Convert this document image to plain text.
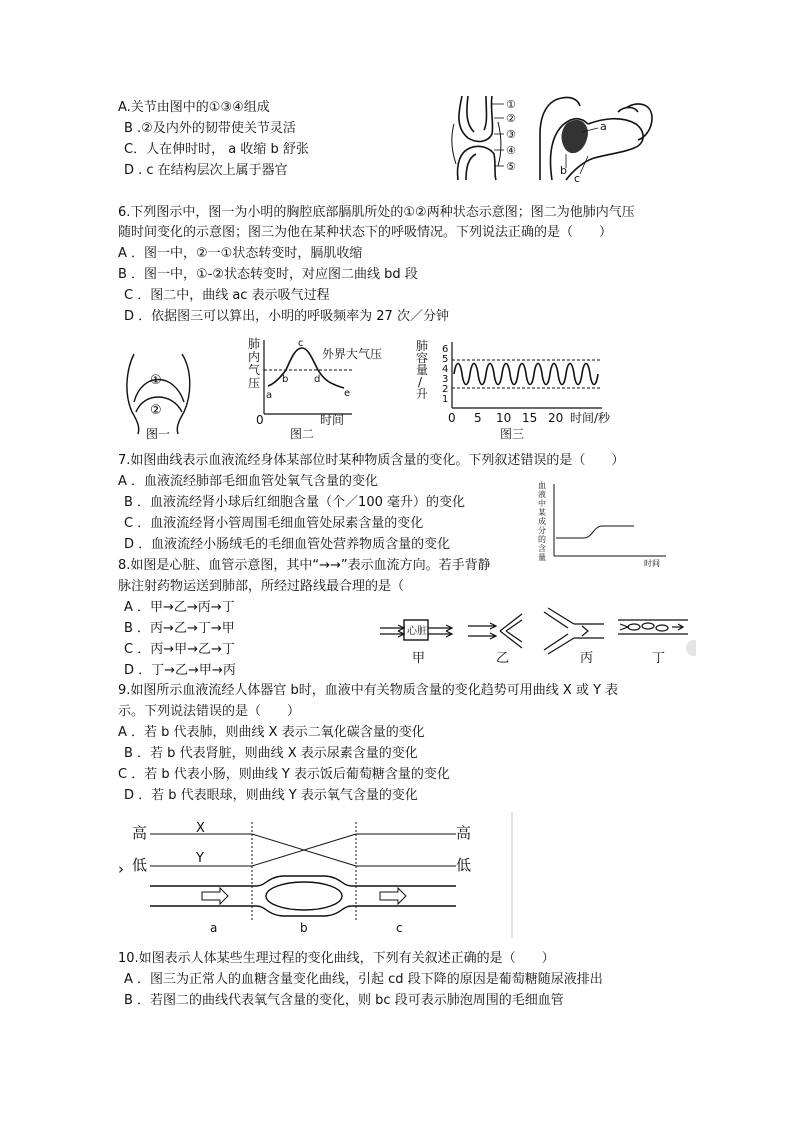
A.关节由图中的①③④组成
B .②及内外的韧带使关节灵活
C．人在伸时时， a 收缩 b 舒张
D . c 在结构层次上属于器官
①
②
③
④
⑤
a
b
c
6.下列图示中，图一为小明的胸腔底部膈肌所处的①②两种状态示意图；图二为他肺内气压
随时间变化的示意图；图三为他在某种状态下的呼吸情况。下列说法正确的是（　　）
A ．图一中，②一①状态转变时，膈肌收缩
B ．图一中，①-②状态转变时，对应图二曲线 bd 段
C ．图二中，曲线 ac 表示吸气过程
D ．依据图三可以算出，小明的呼吸频率为 27 次／分钟
①
②
图一
肺
内
气
压
0	时间
外界大气压
图二
a
b
c
d
e
肺
容
量
/
升
6
5
4
3
2
1
0 5 10 15 20 时间/秒
图三
7.如图曲线表示血液流经身体某部位时某种物质含量的变化。下列叙述错误的是（　　）
A ．血液流经肺部毛细血管处氧气含量的变化
B ．血液流经肾小球后红细胞含量（个／100 毫升）的变化
C ．血液流经肾小管周围毛细血管处尿素含量的变化
D ．血液流经小肠绒毛的毛细血管处营养物质含量的变化
血
液
中
某
成
分
的
含
量
时间
8.如图是心脏、血管示意图，其中“→→”表示血流方向。若手背静
脉注射药物运送到肺部，所经过路线最合理的是（
A ．甲→乙→丙→丁
B ．丙→乙→丁→甲
C ．丙→甲→乙→丁
D ．丁→乙→甲→丙
心脏
甲	乙	丙	丁
9.如图所示血液流经人体器官 b时，血液中有关物质含量的变化趋势可用曲线 X 或 Y 表
示。下列说法错误的是（　　）
A ．若 b 代表肺，则曲线 X 表示二氧化碳含量的变化
B ．若 b 代表肾脏，则曲线 X 表示尿素含量的变化
C ．若 b 代表小肠，则曲线 Y 表示饭后葡萄糖含量的变化
D ．若 b 代表眼球，则曲线 Y 表示氧气含量的变化
高
低
高
低
›
X
Y
a	b	c
10.如图表示人体某些生理过程的变化曲线，下列有关叙述正确的是（　　）
A ．图三为正常人的血糖含量变化曲线，引起 cd 段下降的原因是葡萄糖随尿液排出
B ．若图二的曲线代表氧气含量的变化，则 bc 段可表示肺泡周围的毛细血管
